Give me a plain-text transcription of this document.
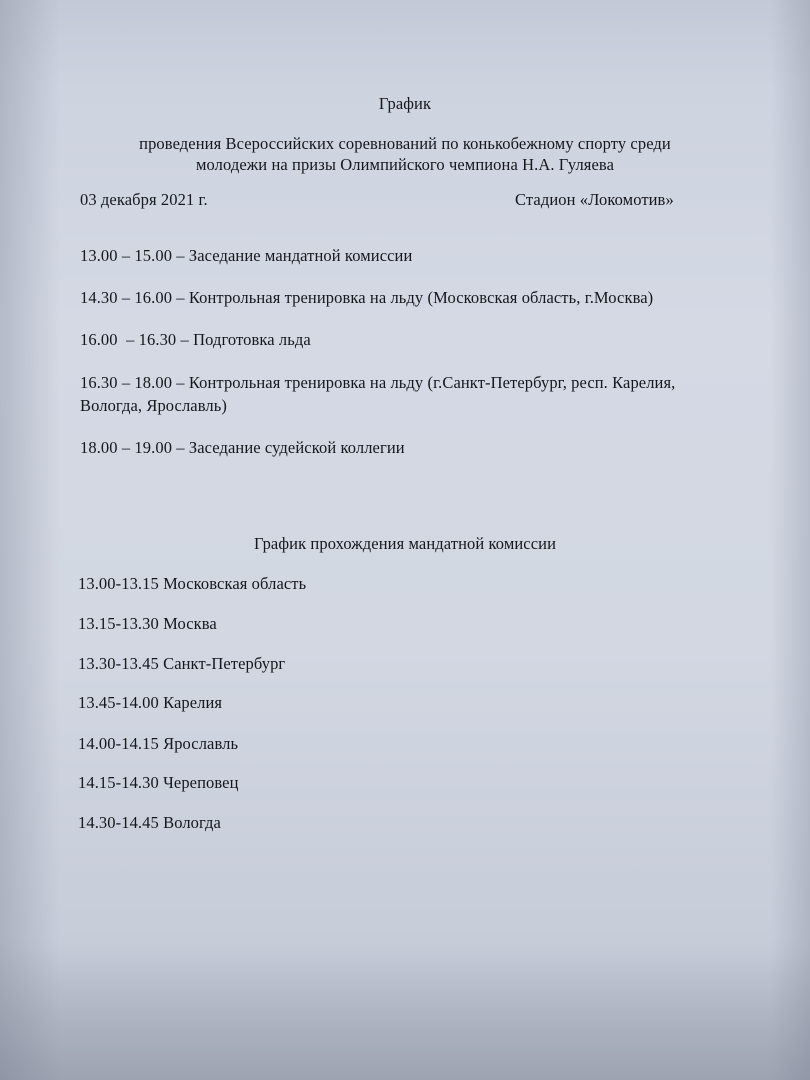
График
проведения Всероссийских соревнований по конькобежному спорту среди
молодежи на призы Олимпийского чемпиона Н.А. Гуляева
03 декабря 2021 г.	Стадион «Локомотив»
13.00 – 15.00 – Заседание мандатной комиссии
14.30 – 16.00 – Контрольная тренировка на льду (Московская область, г.Москва)
16.00  – 16.30 – Подготовка льда
16.30 – 18.00 – Контрольная тренировка на льду (г.Санкт-Петербург, респ. Карелия,
Вологда, Ярославль)
18.00 – 19.00 – Заседание судейской коллегии
График прохождения мандатной комиссии
13.00-13.15 Московская область
13.15-13.30 Москва
13.30-13.45 Санкт-Петербург
13.45-14.00 Карелия
14.00-14.15 Ярославль
14.15-14.30 Череповец
14.30-14.45 Вологда
